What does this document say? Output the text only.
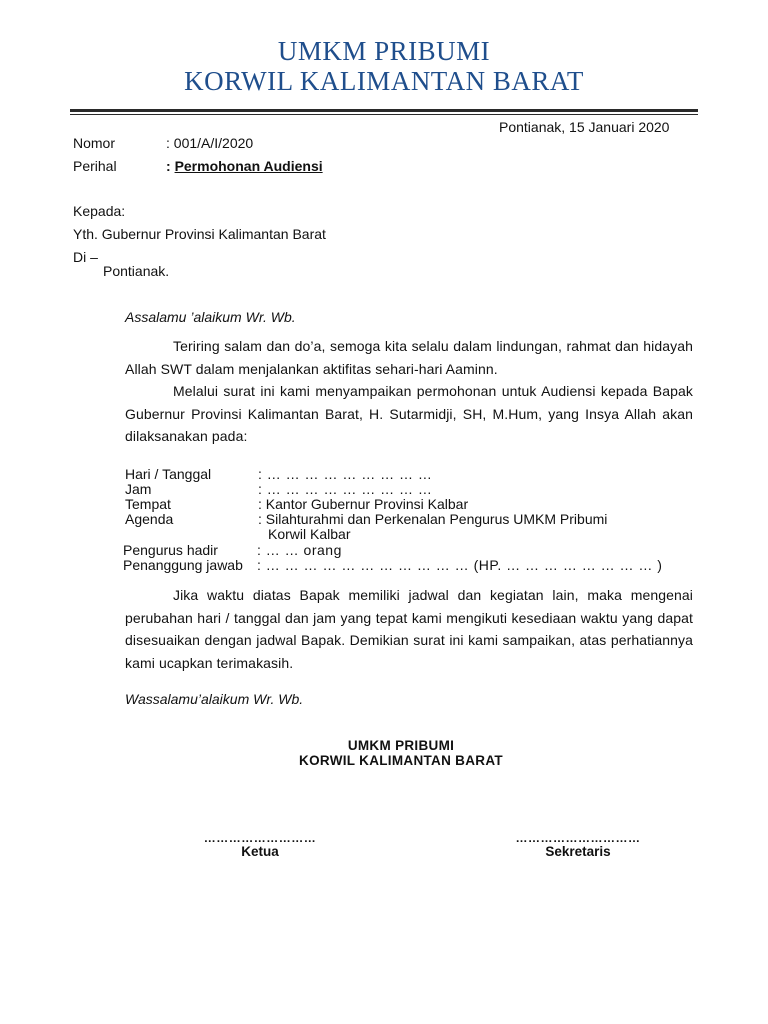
UMKM PRIBUMI
KORWIL KALIMANTAN BARAT
Pontianak, 15 Januari 2020
Nomor	: 001/A/I/2020
Perihal	: Permohonan Audiensi
Kepada:
Yth. Gubernur Provinsi Kalimantan Barat
Di –
Pontianak.
Assalamu ’alaikum Wr. Wb.
Teriring salam dan do’a, semoga kita selalu dalam lindungan, rahmat dan hidayah Allah SWT dalam menjalankan aktifitas sehari-hari Aaminn.
Melalui surat ini kami menyampaikan permohonan untuk Audiensi kepada Bapak Gubernur Provinsi Kalimantan Barat, H. Sutarmidji, SH, M.Hum, yang Insya Allah akan dilaksanakan pada:
Hari / Tanggal	: … … … … … … … … …
Jam	: … … … … … … … … …
Tempat	: Kantor Gubernur Provinsi Kalbar
Agenda	: Silahturahmi dan Perkenalan Pengurus UMKM Pribumi
Korwil Kalbar
Pengurus hadir	: … … orang
Penanggung jawab : … … … … … … … … … … … (HP. … … … … … … … … )
Jika waktu diatas Bapak memiliki jadwal dan kegiatan lain, maka mengenai perubahan hari / tanggal dan jam yang tepat kami mengikuti kesediaan waktu yang dapat disesuaikan dengan jadwal Bapak. Demikian surat ini kami sampaikan, atas perhatiannya kami ucapkan terimakasih.
Wassalamu’alaikum Wr. Wb.
UMKM PRIBUMI
KORWIL KALIMANTAN BARAT
………………………
Ketua
…………………………
Sekretaris
